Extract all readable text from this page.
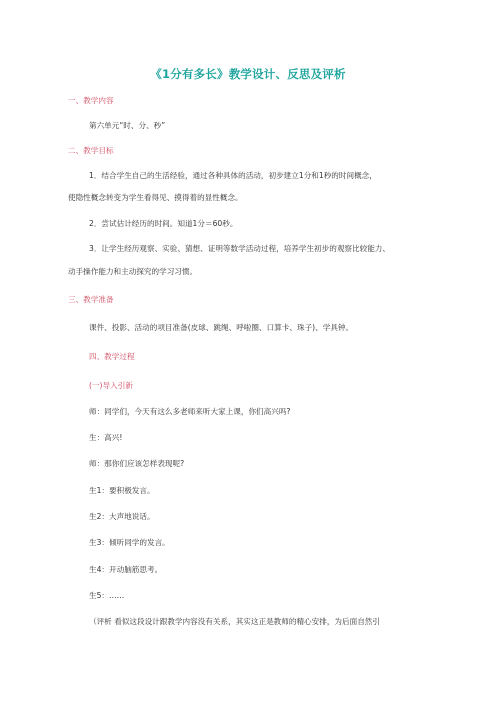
《1分有多长》教学设计、反思及评析
一、教学内容
第六单元“时、分、秒”
二、教学目标
1．结合学生自己的生活经验，通过各种具体的活动，初步建立1分和1秒的时间概念，
使隐性概念转变为学生看得见、摸得着的显性概念。
2．尝试估计经历的时间。知道1分＝60秒。
3．让学生经历观察、实验、猜想、证明等数学活动过程，培养学生初步的观察比较能力、
动手操作能力和主动探究的学习习惯。
三、教学准备
课件、投影、活动的项目准备(皮球、跳绳、呼啦圈、口算卡、珠子)、学具钟。
四、教学过程
(一)导入引新
师：同学们，今天有这么多老师来听大家上课，你们高兴吗?
生：高兴!
师：那你们应该怎样表现呢?
生1：要积极发言。
生2：大声地说话。
生3：倾听同学的发言。
生4：开动脑筋思考。
生5：……
（评析 看似这段设计跟教学内容没有关系，其实这正是教师的精心安排，为后面自然引
